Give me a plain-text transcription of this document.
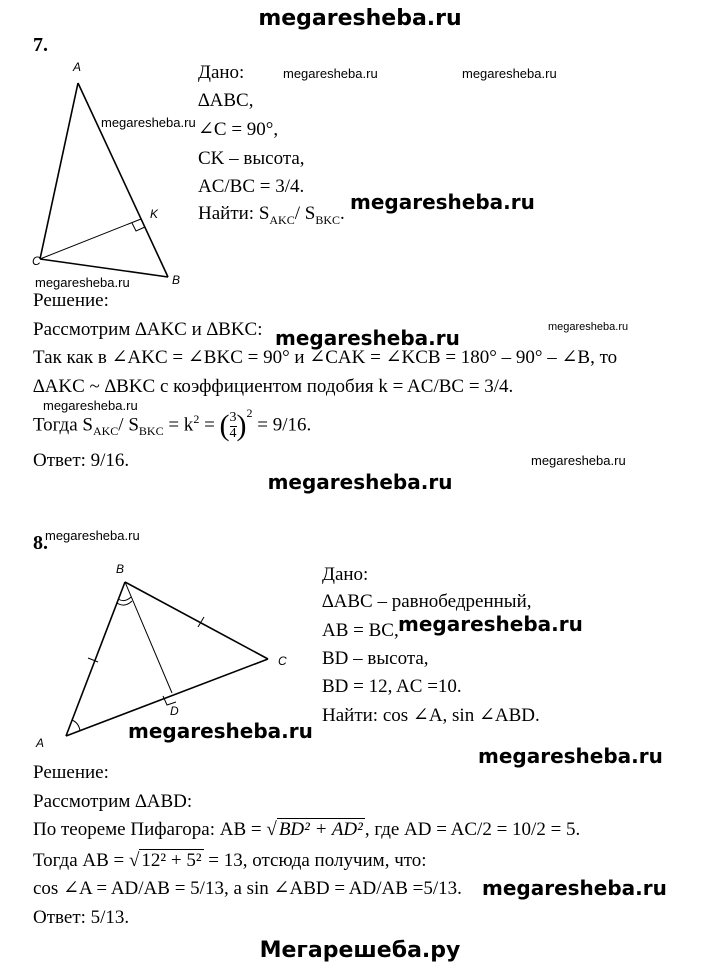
megaresheba.ru
7.
A
K
C
B
Дано:
∆ABC,
∠C = 90°,
CK – высота,
AC/BC = 3/4.
Найти: $S_{AKC}/$ $S_{BKC}$.
Решение:
Рассмотрим ∆AKC и ∆BKC:
Так как в ∠AKC = ∠BKC = 90° и ∠CAK = ∠KCB = 180° – 90° – ∠B, то
∆AKC ~ ∆BKC с коэффициентом подобия k = AC/BC = 3/4.
Тогда $S_{AKC}/$ $S_{BKC} = k^2$ = ( $\frac{3}{4} )^2 = 9/16$.
Ответ: 9/16.
8.
B
C
A
D
Дано:
∆ABC – равнобедренный,
AB = BC,
BD – высота,
BD = 12, AC =10.
Найти: cos ∠A, sin ∠ABD.
Решение:
Рассмотрим ∆ABD:
По теореме Пифагора: AB = √ BD² + AD² , где AD = AC/2 = 10/2 = 5.
Тогда AB = √ 12² + 5² = 13, отсюда получим, что:
cos ∠A = AD/AB = 5/13, а sin ∠ABD = AD/AB =5/13.
Ответ: 5/13.
megaresheba.ru	megaresheba.ru
megaresheba.ru
megaresheba.ru
megaresheba.ru
megaresheba.ru	megaresheba.ru
megaresheba.ru
megaresheba.ru
megaresheba.ru
megaresheba.ru
megaresheba.ru
megaresheba.ru
megaresheba.ru
megaresheba.ru
Мегарешеба.ру
